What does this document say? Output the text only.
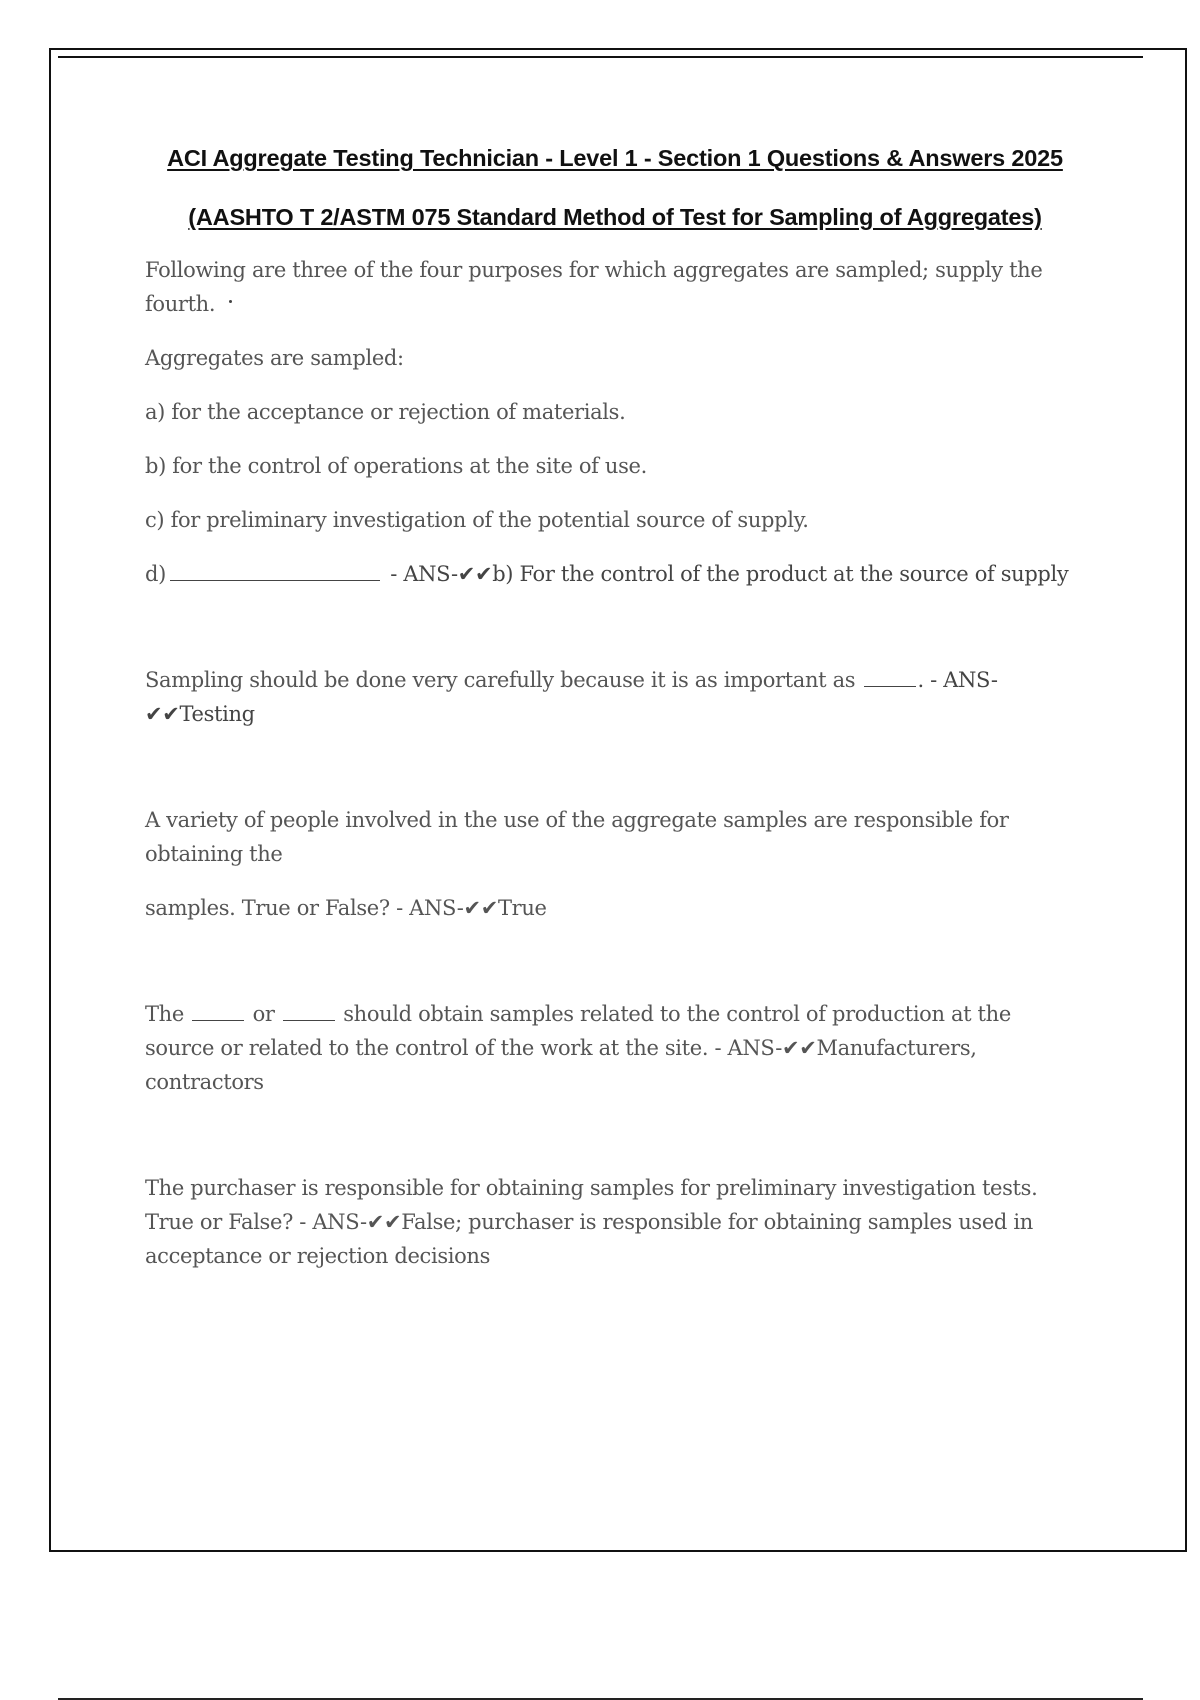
ACI Aggregate Testing Technician - Level 1 - Section 1 Questions & Answers 2025

(AASHTO T 2/ASTM 075 Standard Method of Test for Sampling of Aggregates)

Following are three of the four purposes for which aggregates are sampled; supply the fourth.

Aggregates are sampled:

a) for the acceptance or rejection of materials.

b) for the control of operations at the site of use.

c) for preliminary investigation of the potential source of supply.

d)	- ANS-✔✔b) For the control of the product at the source of supply

Sampling should be done very carefully because it is as important as	. - ANS-✔✔Testing

A variety of people involved in the use of the aggregate samples are responsible for obtaining the

samples. True or False? - ANS-✔✔True

The	or	should obtain samples related to the control of production at the source or related to the control of the work at the site. - ANS-✔✔Manufacturers, contractors

The purchaser is responsible for obtaining samples for preliminary investigation tests. True or False? - ANS-✔✔False; purchaser is responsible for obtaining samples used in acceptance or rejection decisions
